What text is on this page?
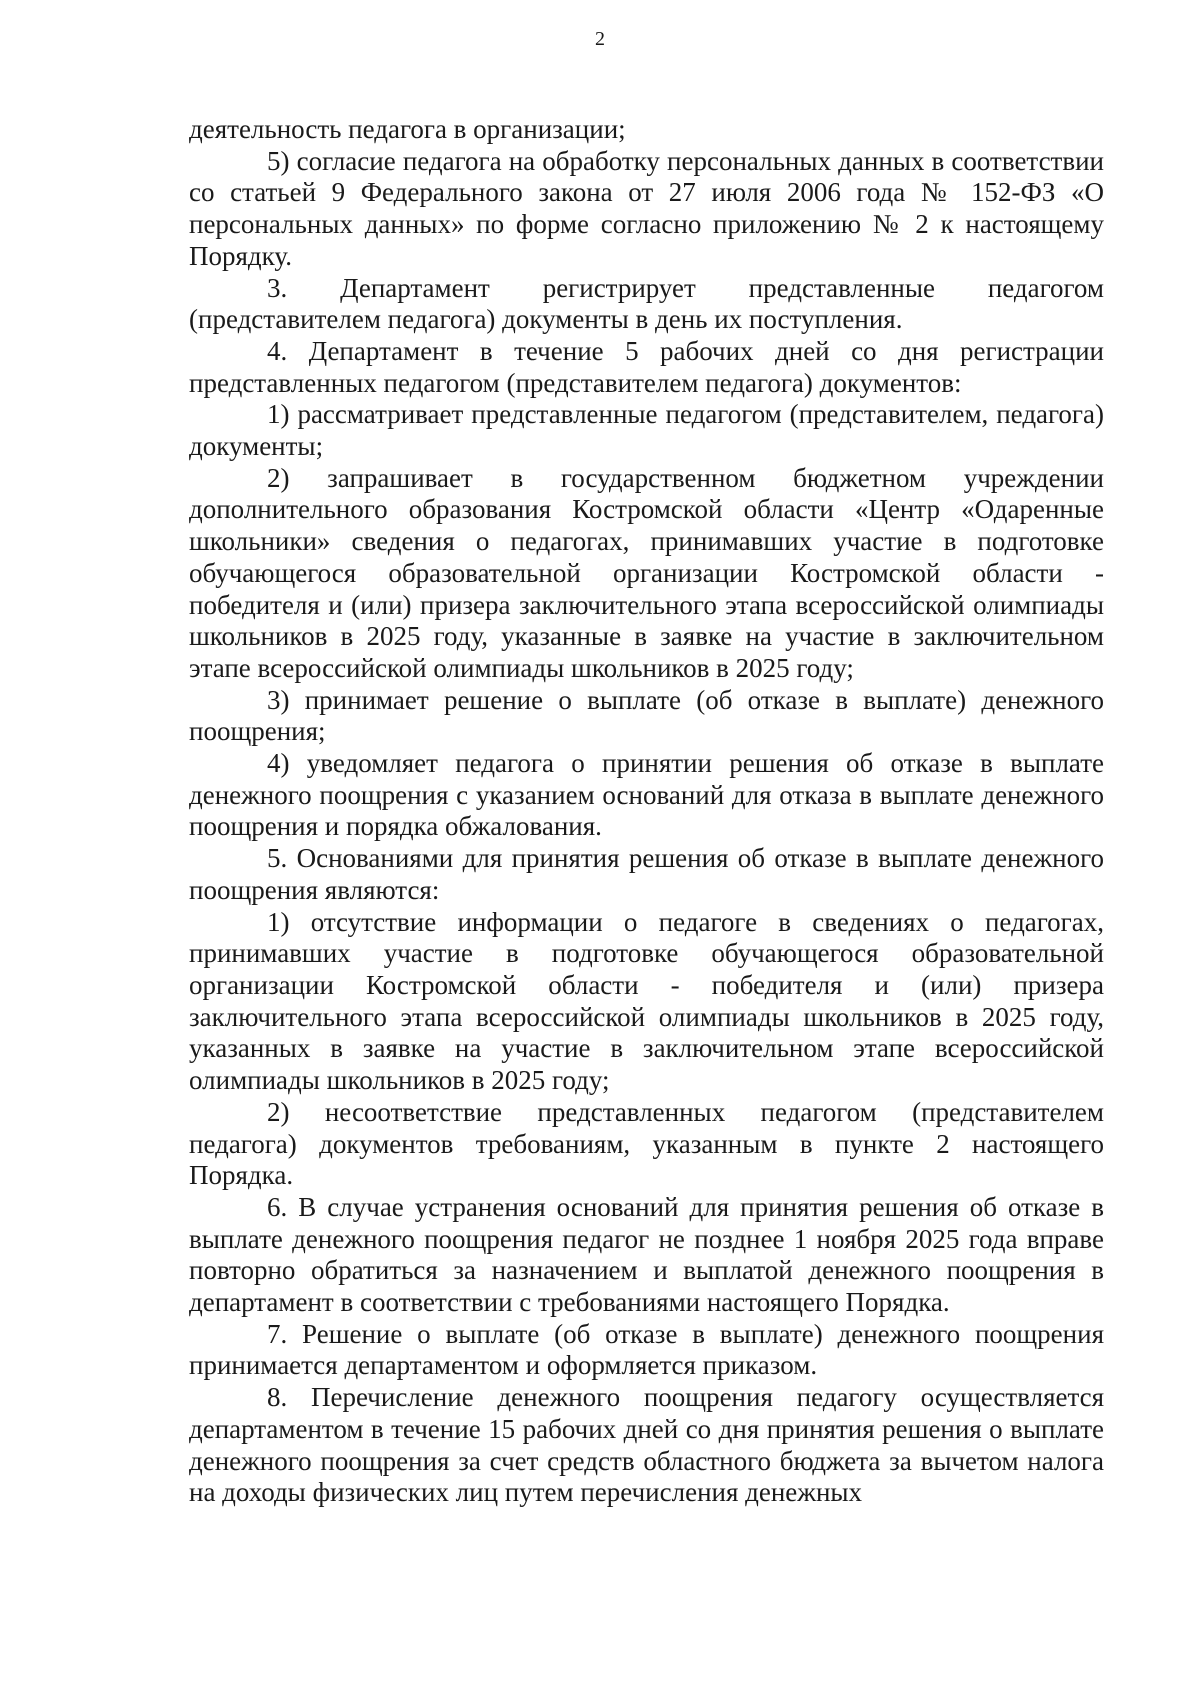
2

деятельность педагога в организации;

5) согласие педагога на обработку персональных данных в соответствии со статьей 9 Федерального закона от 27 июля 2006 года № 152-ФЗ «О персональных данных» по форме согласно приложению № 2 к настоящему Порядку.

3. Департамент регистрирует представленные педагогом (представителем педагога) документы в день их поступления.

4. Департамент в течение 5 рабочих дней со дня регистрации представленных педагогом (представителем педагога) документов:

1) рассматривает представленные педагогом (представителем, педагога) документы;

2) запрашивает в государственном бюджетном учреждении дополнительного образования Костромской области «Центр «Одаренные школьники» сведения о педагогах, принимавших участие в подготовке обучающегося образовательной организации Костромской области - победителя и (или) призера заключительного этапа всероссийской олимпиады школьников в 2025 году, указанные в заявке на участие в заключительном этапе всероссийской олимпиады школьников в 2025 году;

3) принимает решение о выплате (об отказе в выплате) денежного поощрения;

4) уведомляет педагога о принятии решения об отказе в выплате денежного поощрения с указанием оснований для отказа в выплате денежного поощрения и порядка обжалования.

5. Основаниями для принятия решения об отказе в выплате денежного поощрения являются:

1) отсутствие информации о педагоге в сведениях о педагогах, принимавших участие в подготовке обучающегося образовательной организации Костромской области - победителя и (или) призера заключительного этапа всероссийской олимпиады школьников в 2025 году, указанных в заявке на участие в заключительном этапе всероссийской олимпиады школьников в 2025 году;

2) несоответствие представленных педагогом (представителем педагога) документов требованиям, указанным в пункте 2 настоящего Порядка.

6. В случае устранения оснований для принятия решения об отказе в выплате денежного поощрения педагог не позднее 1 ноября 2025 года вправе повторно обратиться за назначением и выплатой денежного поощрения в департамент в соответствии с требованиями настоящего Порядка.

7. Решение о выплате (об отказе в выплате) денежного поощрения принимается департаментом и оформляется приказом.

8. Перечисление денежного поощрения педагогу осуществляется департаментом в течение 15 рабочих дней со дня принятия решения о выплате денежного поощрения за счет средств областного бюджета за вычетом налога на доходы физических лиц путем перечисления денежных
